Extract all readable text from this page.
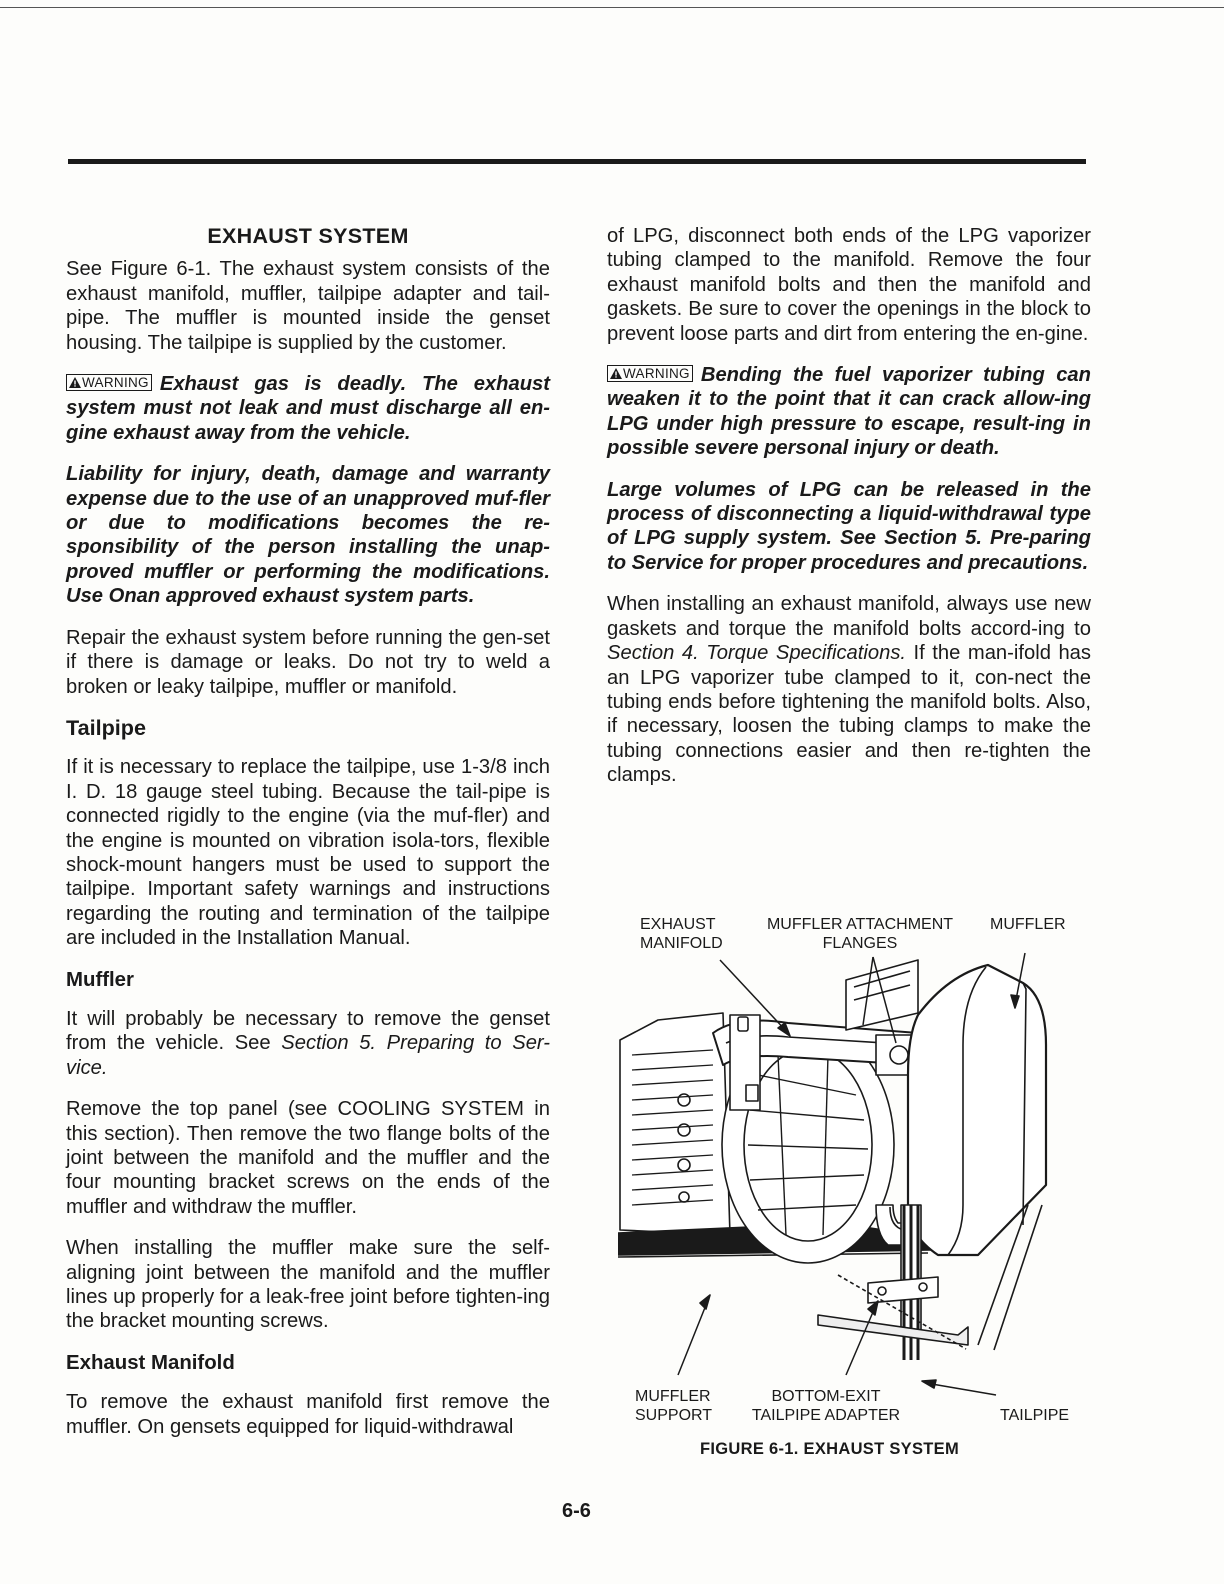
EXHAUST SYSTEM

See Figure 6-1. The exhaust system consists of the exhaust manifold, muffler, tailpipe adapter and tail-pipe. The muffler is mounted inside the genset housing. The tailpipe is supplied by the customer.

WARNING Exhaust gas is deadly. The exhaust system must not leak and must discharge all en-gine exhaust away from the vehicle.

Liability for injury, death, damage and warranty expense due to the use of an unapproved muf-fler or due to modifications becomes the re-sponsibility of the person installing the unap-proved muffler or performing the modifications. Use Onan approved exhaust system parts.

Repair the exhaust system before running the gen-set if there is damage or leaks. Do not try to weld a broken or leaky tailpipe, muffler or manifold.

Tailpipe

If it is necessary to replace the tailpipe, use 1-3/8 inch I. D. 18 gauge steel tubing. Because the tail-pipe is connected rigidly to the engine (via the muf-fler) and the engine is mounted on vibration isola-tors, flexible shock-mount hangers must be used to support the tailpipe. Important safety warnings and instructions regarding the routing and termination of the tailpipe are included in the Installation Manual.

Muffler

It will probably be necessary to remove the genset from the vehicle. See Section 5. Preparing to Ser-vice.

Remove the top panel (see COOLING SYSTEM in this section). Then remove the two flange bolts of the joint between the manifold and the muffler and the four mounting bracket screws on the ends of the muffler and withdraw the muffler.

When installing the muffler make sure the self-aligning joint between the manifold and the muffler lines up properly for a leak-free joint before tighten-ing the bracket mounting screws.

Exhaust Manifold

To remove the exhaust manifold first remove the muffler. On gensets equipped for liquid-withdrawal

of LPG, disconnect both ends of the LPG vaporizer tubing clamped to the manifold. Remove the four exhaust manifold bolts and then the manifold and gaskets. Be sure to cover the openings in the block to prevent loose parts and dirt from entering the en-gine.

WARNING Bending the fuel vaporizer tubing can weaken it to the point that it can crack allow-ing LPG under high pressure to escape, result-ing in possible severe personal injury or death.

Large volumes of LPG can be released in the process of disconnecting a liquid-withdrawal type of LPG supply system. See Section 5. Pre-paring to Service for proper procedures and precautions.

When installing an exhaust manifold, always use new gaskets and torque the manifold bolts accord-ing to Section 4. Torque Specifications. If the man-ifold has an LPG vaporizer tube clamped to it, con-nect the tubing ends before tightening the manifold bolts. Also, if necessary, loosen the tubing clamps to make the tubing connections easier and then re-tighten the clamps.

EXHAUST
MANIFOLD
MUFFLER ATTACHMENT
FLANGES
MUFFLER
MUFFLER
SUPPORT
BOTTOM-EXIT
TAILPIPE ADAPTER	TAILPIPE
FIGURE 6-1. EXHAUST SYSTEM
6-6
